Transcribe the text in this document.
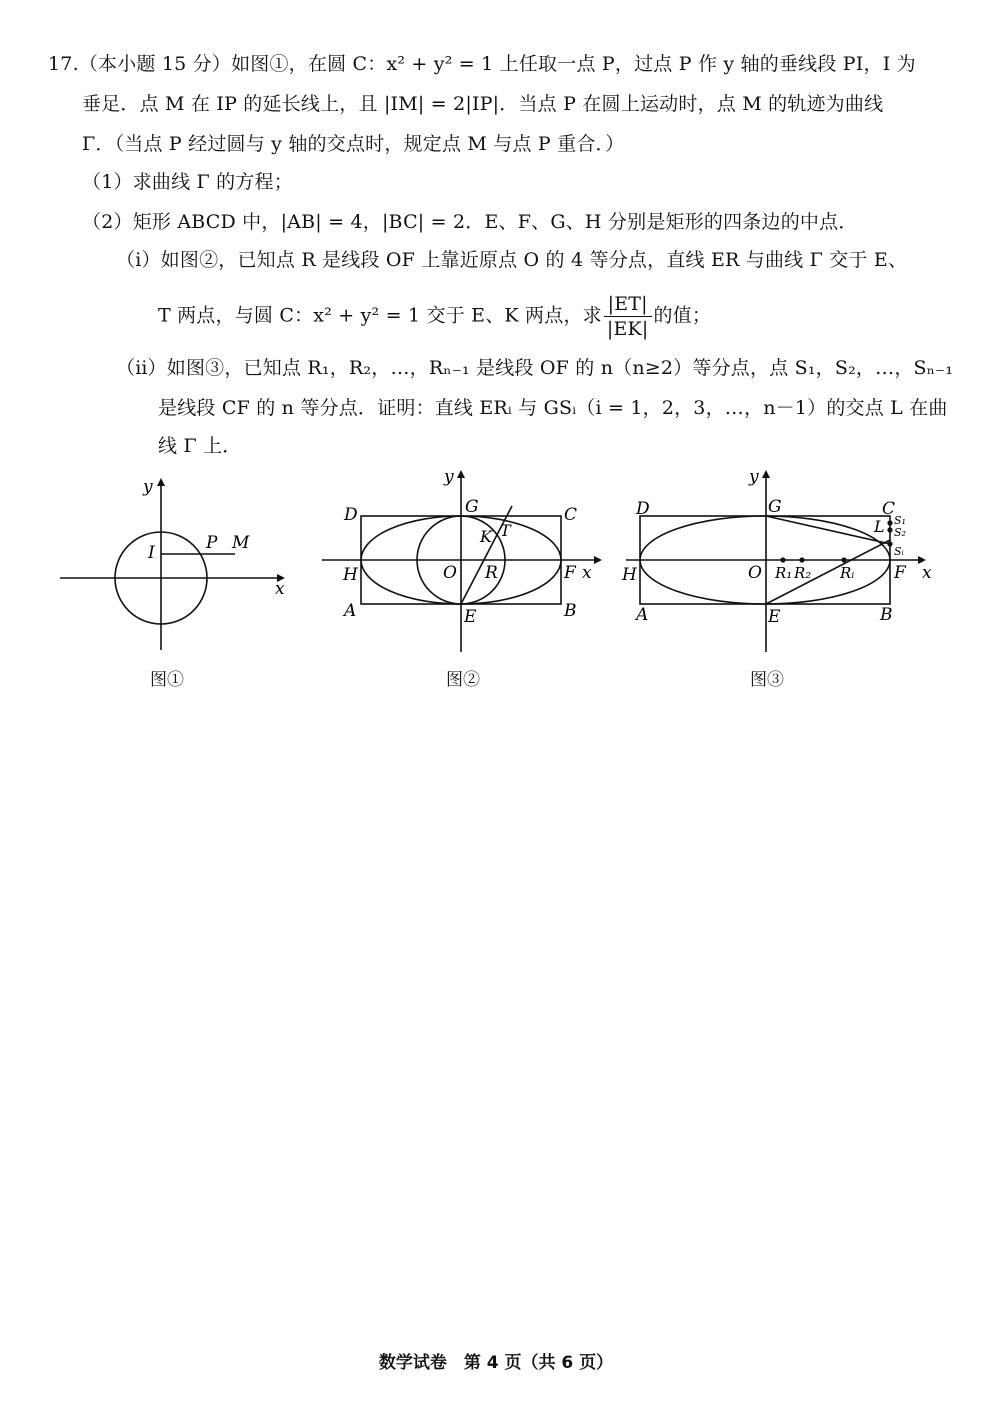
17.（本小题 15 分）如图①，在圆 C：x² + y² = 1 上任取一点 P，过点 P 作 y 轴的垂线段 PI，I 为
垂足．点 M 在 IP 的延长线上，且 |IM| = 2|IP|．当点 P 在圆上运动时，点 M 的轨迹为曲线
Γ．（当点 P 经过圆与 y 轴的交点时，规定点 M 与点 P 重合．）
（1）求曲线 Γ 的方程；
（2）矩形 ABCD 中，|AB| = 4，|BC| = 2．E、F、G、H 分别是矩形的四条边的中点．
（ⅰ）如图②，已知点 R 是线段 OF 上靠近原点 O 的 4 等分点，直线 ER 与曲线 Γ 交于 E、
T 两点，与圆 C：x² + y² = 1 交于 E、K 两点，求 $\frac{|ET|}{|EK|}$ 的值；
（ⅱ）如图③，已知点 R₁，R₂，…，Rₙ₋₁ 是线段 OF 的 n（n≥2）等分点，点 S₁，S₂，…，Sₙ₋₁
是线段 CF 的 n 等分点．证明：直线 ERᵢ 与 GSᵢ（i = 1，2，3，…，n－1）的交点 L 在曲
线 Γ 上．
y
x
I	P M
图①
y
x
D	G	C
T
K
H	O R	F
A	E	B
图②
y
x
D	G	C
L S₁
S₂
Sᵢ
H	O R₁ R₂ Rᵢ F
A	E	B
图③
数学试卷　第 4 页（共 6 页）
